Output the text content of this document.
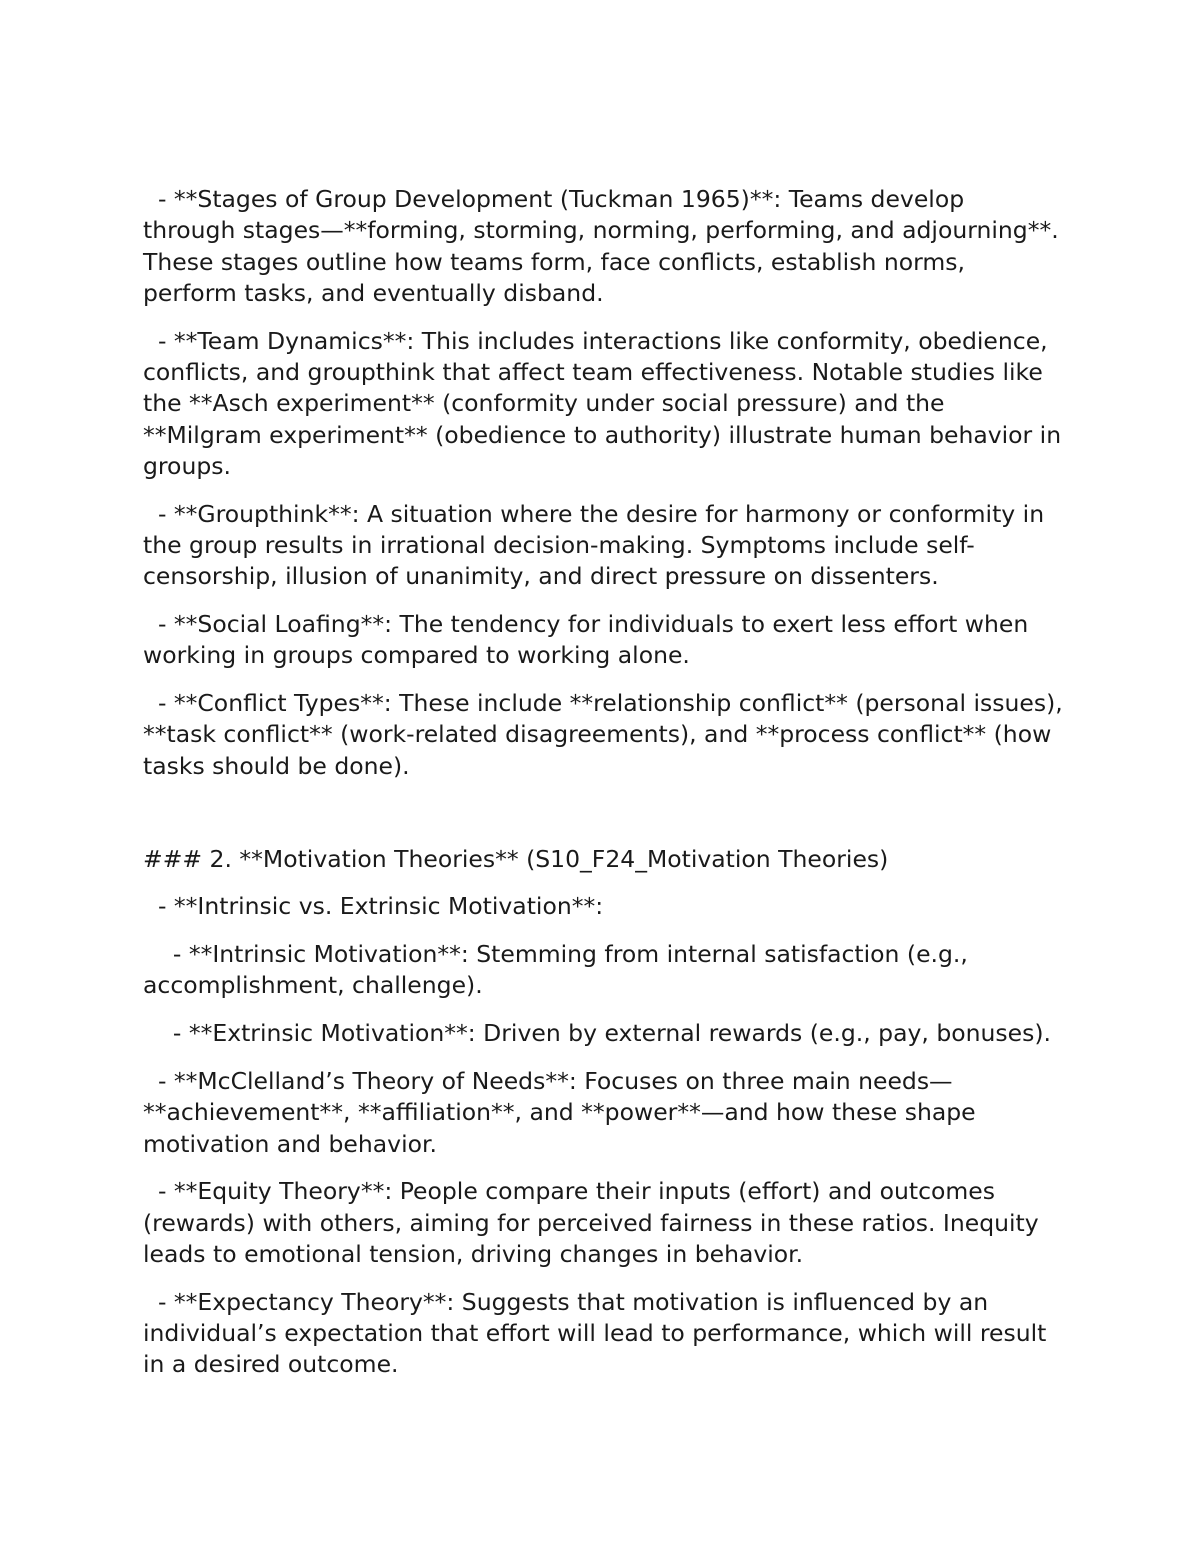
- **Stages of Group Development (Tuckman 1965)**: Teams develop through stages—**forming, storming, norming, performing, and adjourning**. These stages outline how teams form, face conflicts, establish norms, perform tasks, and eventually disband.

- **Team Dynamics**: This includes interactions like conformity, obedience, conflicts, and groupthink that affect team effectiveness. Notable studies like the **Asch experiment** (conformity under social pressure) and the **Milgram experiment** (obedience to authority) illustrate human behavior in groups.

- **Groupthink**: A situation where the desire for harmony or conformity in the group results in irrational decision-making. Symptoms include self-censorship, illusion of unanimity, and direct pressure on dissenters.

- **Social Loafing**: The tendency for individuals to exert less effort when working in groups compared to working alone.

- **Conflict Types**: These include **relationship conflict** (personal issues), **task conflict** (work-related disagreements), and **process conflict** (how tasks should be done).

### 2. **Motivation Theories** (S10_F24_Motivation Theories)

- **Intrinsic vs. Extrinsic Motivation**:

- **Intrinsic Motivation**: Stemming from internal satisfaction (e.g., accomplishment, challenge).

- **Extrinsic Motivation**: Driven by external rewards (e.g., pay, bonuses).

- **McClelland’s Theory of Needs**: Focuses on three main needs—**achievement**, **affiliation**, and **power**—and how these shape motivation and behavior.

- **Equity Theory**: People compare their inputs (effort) and outcomes (rewards) with others, aiming for perceived fairness in these ratios. Inequity leads to emotional tension, driving changes in behavior.

- **Expectancy Theory**: Suggests that motivation is influenced by an individual’s expectation that effort will lead to performance, which will result in a desired outcome.
